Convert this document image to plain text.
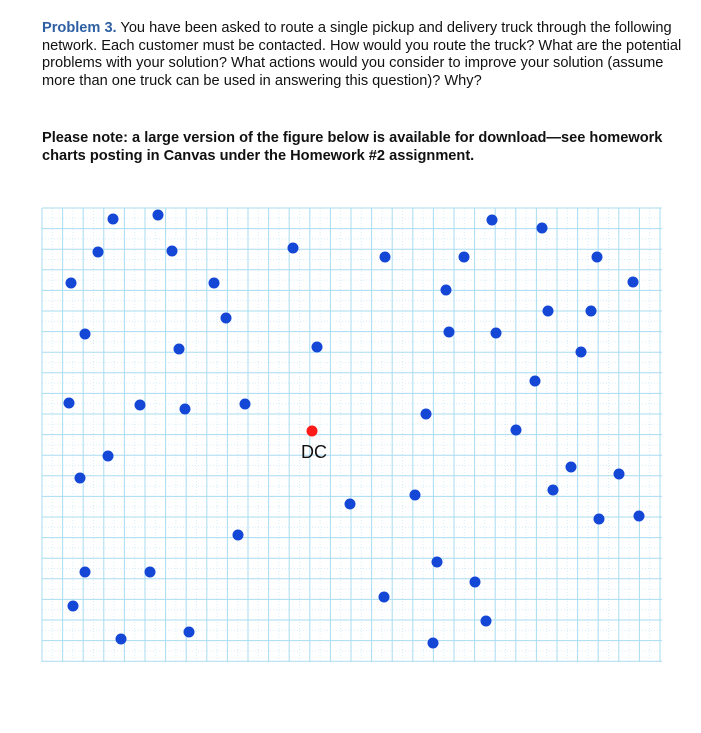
Problem 3. You have been asked to route a single pickup and delivery truck through the following network. Each customer must be contacted. How would you route the truck? What are the potential problems with your solution? What actions would you consider to improve your solution (assume more than one truck can be used in answering this question)? Why?
Please note: a large version of the figure below is available for download—see homework charts posting in Canvas under the Homework #2 assignment.
DC
